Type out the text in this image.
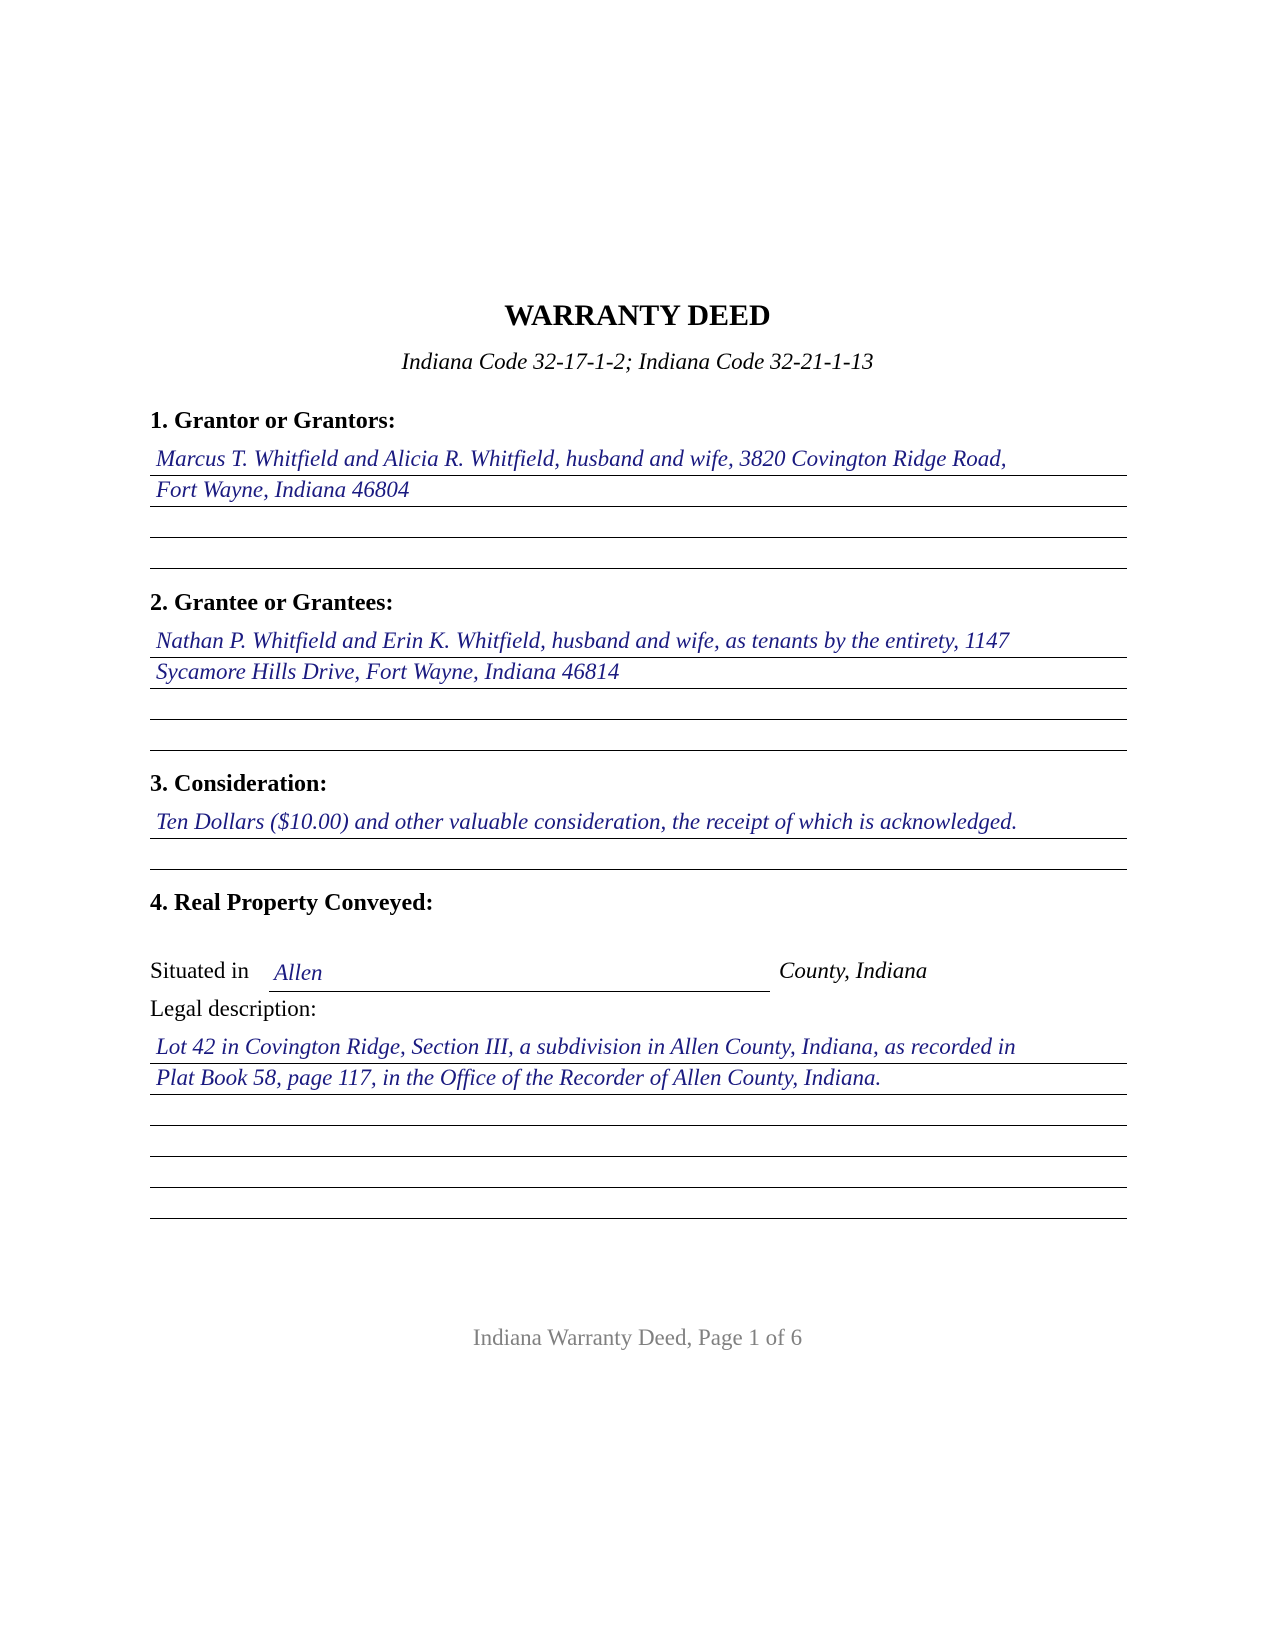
WARRANTY DEED
Indiana Code 32-17-1-2; Indiana Code 32-21-1-13
1. Grantor or Grantors:
Marcus T. Whitfield and Alicia R. Whitfield, husband and wife, 3820 Covington Ridge Road,
Fort Wayne, Indiana 46804
2. Grantee or Grantees:
Nathan P. Whitfield and Erin K. Whitfield, husband and wife, as tenants by the entirety, 1147
Sycamore Hills Drive, Fort Wayne, Indiana 46814
3. Consideration:
Ten Dollars ($10.00) and other valuable consideration, the receipt of which is acknowledged.
4. Real Property Conveyed:
Situated in Allen	County, Indiana
Legal description:
Lot 42 in Covington Ridge, Section III, a subdivision in Allen County, Indiana, as recorded in
Plat Book 58, page 117, in the Office of the Recorder of Allen County, Indiana.
Indiana Warranty Deed, Page 1 of 6
